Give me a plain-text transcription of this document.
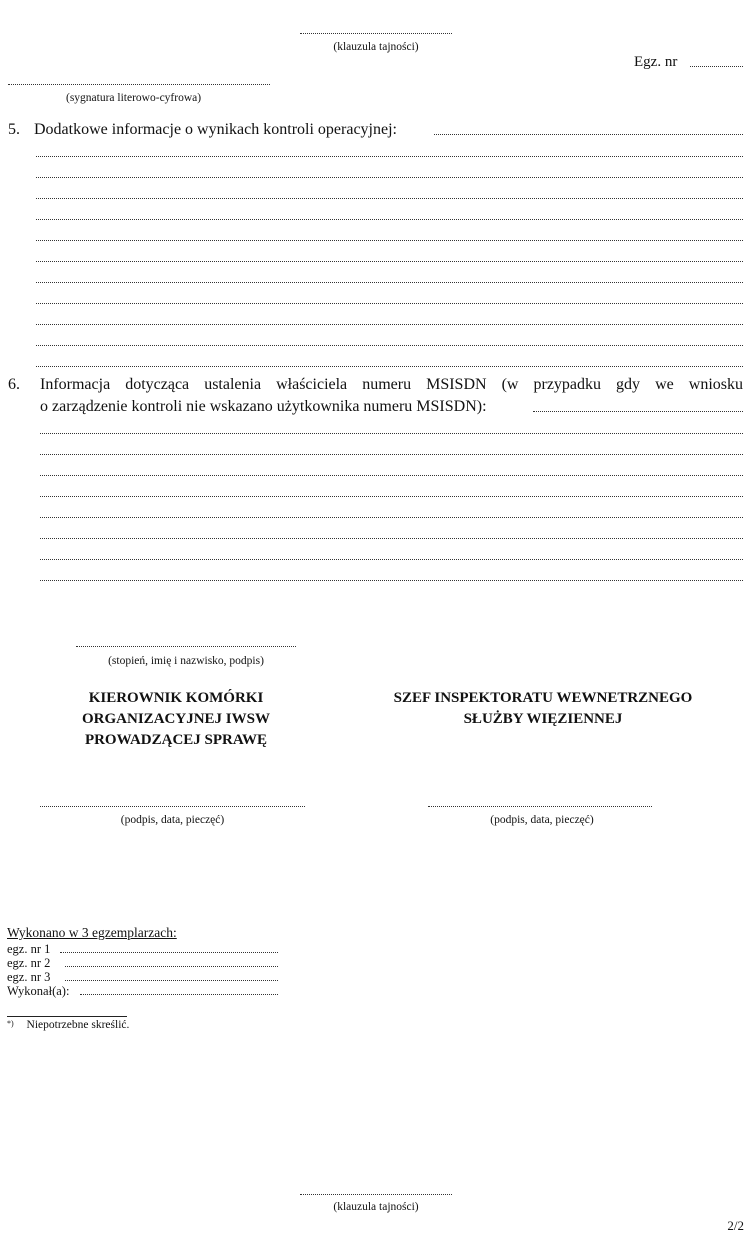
(klauzula tajności)
Egz. nr
(sygnatura literowo-cyfrowa)
5. Dodatkowe informacje o wynikach kontroli operacyjnej:
6. Informacja dotycząca ustalenia właściciela numeru MSISDN (w przypadku gdy we wniosku
o zarządzenie kontroli nie wskazano użytkownika numeru MSISDN):
(stopień, imię i nazwisko, podpis)
KIEROWNIK KOMÓRKI
ORGANIZACYJNEJ IWSW
PROWADZĄCEJ SPRAWĘ
SZEF INSPEKTORATU WEWNETRZNEGO
SŁUŻBY WIĘZIENNEJ
(podpis, data, pieczęć)	(podpis, data, pieczęć)
Wykonano w 3 egzemplarzach:
egz. nr 1
egz. nr 2
egz. nr 3
Wykonał(a):
*) Niepotrzebne skreślić.
(klauzula tajności)
2/2
